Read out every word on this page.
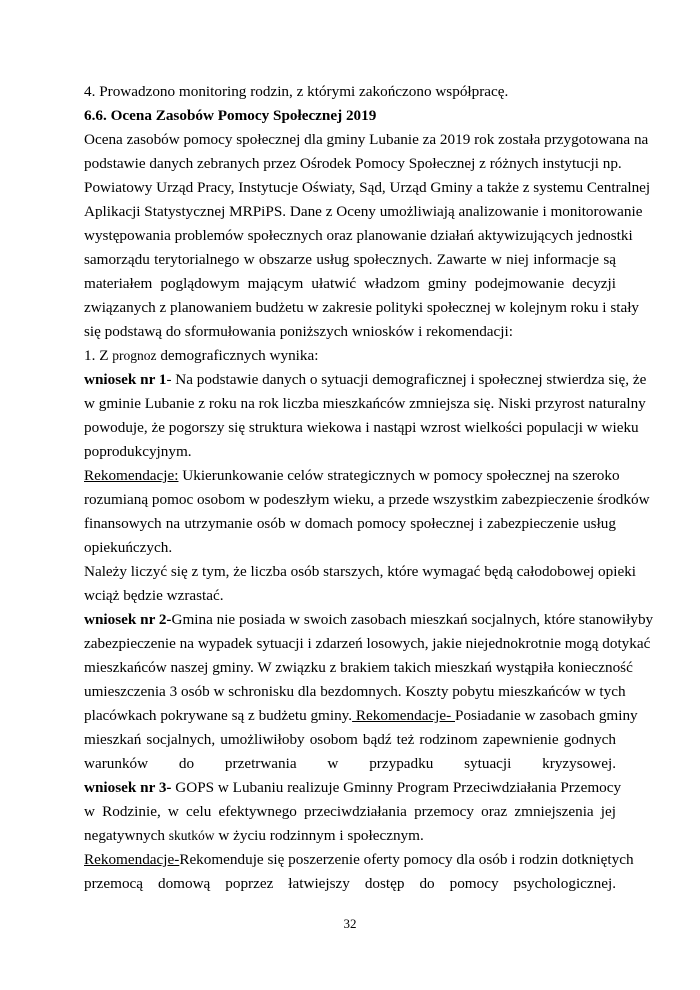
4. Prowadzono monitoring rodzin, z którymi zakończono współpracę.
6.6. Ocena Zasobów Pomocy Społecznej 2019
Ocena zasobów pomocy społecznej dla gminy Lubanie za 2019 rok została przygotowana na
podstawie danych zebranych przez Ośrodek Pomocy Społecznej z różnych instytucji np.
Powiatowy Urząd Pracy, Instytucje Oświaty, Sąd, Urząd Gminy a także z systemu Centralnej
Aplikacji Statystycznej MRPiPS. Dane z Oceny umożliwiają analizowanie i monitorowanie
występowania problemów społecznych oraz planowanie działań aktywizujących jednostki
samorządu terytorialnego w obszarze usług społecznych. Zawarte w niej informacje są
materiałem poglądowym mającym ułatwić władzom gminy podejmowanie decyzji
związanych z planowaniem budżetu w zakresie polityki społecznej w kolejnym roku i stały
się podstawą do sformułowania poniższych wniosków i rekomendacji:
1. Z prognoz demograficznych wynika:
wniosek nr 1- Na podstawie danych o sytuacji demograficznej i społecznej stwierdza się, że
w gminie Lubanie z roku na rok liczba mieszkańców zmniejsza się. Niski przyrost naturalny
powoduje, że pogorszy się struktura wiekowa i nastąpi wzrost wielkości populacji w wieku
poprodukcyjnym.
Rekomendacje: Ukierunkowanie celów strategicznych w pomocy społecznej na szeroko
rozumianą pomoc osobom w podeszłym wieku, a przede wszystkim zabezpieczenie środków
finansowych na utrzymanie osób w domach pomocy społecznej i zabezpieczenie usług
opiekuńczych.
Należy liczyć się z tym, że liczba osób starszych, które wymagać będą całodobowej opieki
wciąż będzie wzrastać.
wniosek nr 2-Gmina nie posiada w swoich zasobach mieszkań socjalnych, które stanowiłyby
zabezpieczenie na wypadek sytuacji i zdarzeń losowych, jakie niejednokrotnie mogą dotykać
mieszkańców naszej gminy. W związku z brakiem takich mieszkań wystąpiła konieczność
umieszczenia 3 osób w schronisku dla bezdomnych. Koszty pobytu mieszkańców w tych
placówkach pokrywane są z budżetu gminy. Rekomendacje- Posiadanie w zasobach gminy
mieszkań socjalnych, umożliwiłoby osobom bądź też rodzinom zapewnienie godnych
warunków do przetrwania w przypadku sytuacji kryzysowej.
wniosek nr 3- GOPS w Lubaniu realizuje Gminny Program Przeciwdziałania Przemocy
w Rodzinie, w celu efektywnego przeciwdziałania przemocy oraz zmniejszenia jej
negatywnych skutków w życiu rodzinnym i społecznym.
Rekomendacje-Rekomenduje się poszerzenie oferty pomocy dla osób i rodzin dotkniętych
przemocą domową poprzez łatwiejszy dostęp do pomocy psychologicznej.
32
